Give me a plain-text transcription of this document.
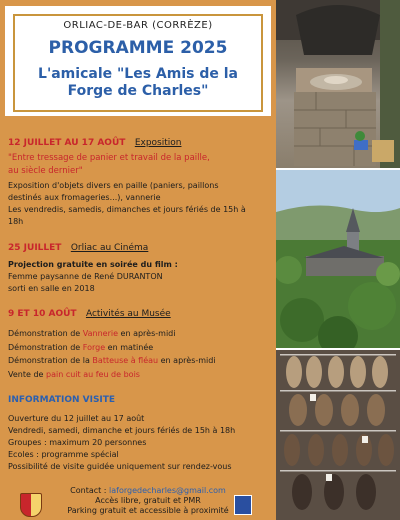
ORLIAC-DE-BAR (CORRÈZE)
PROGRAMME 2025
L'amicale "Les Amis de la
Forge de Charles"
12 JUILLET AU 17 AOÛT Exposition
"Entre tressage de panier et travail de la paille,
au siècle dernier"
Exposition d'objets divers en paille (paniers, paillons
destinés aux fromageries...), vannerie
Les vendredis, samedis, dimanches et jours fériés de 15h à
18h
25 JUILLET Orliac au Cinéma
Projection gratuite en soirée du film :
Femme paysanne de René DURANTON
sorti en salle en 2018
9 ET 10 AOÛT Activités au Musée
Démonstration de Vannerie en après-midi
Démonstration de Forge en matinée
Démonstration de la Batteuse à fléau en après-midi
Vente de pain cuit au feu de bois
INFORMATION VISITE
Ouverture du 12 juillet au 17 août
Vendredi, samedi, dimanche et jours fériés de 15h à 18h
Groupes : maximum 20 personnes
Ecoles : programme spécial
Possibilité de visite guidée uniquement sur rendez-vous
Contact : laforgedecharles@gmail.com
Accès libre, gratuit et PMR
Parking gratuit et accessible à proximité
